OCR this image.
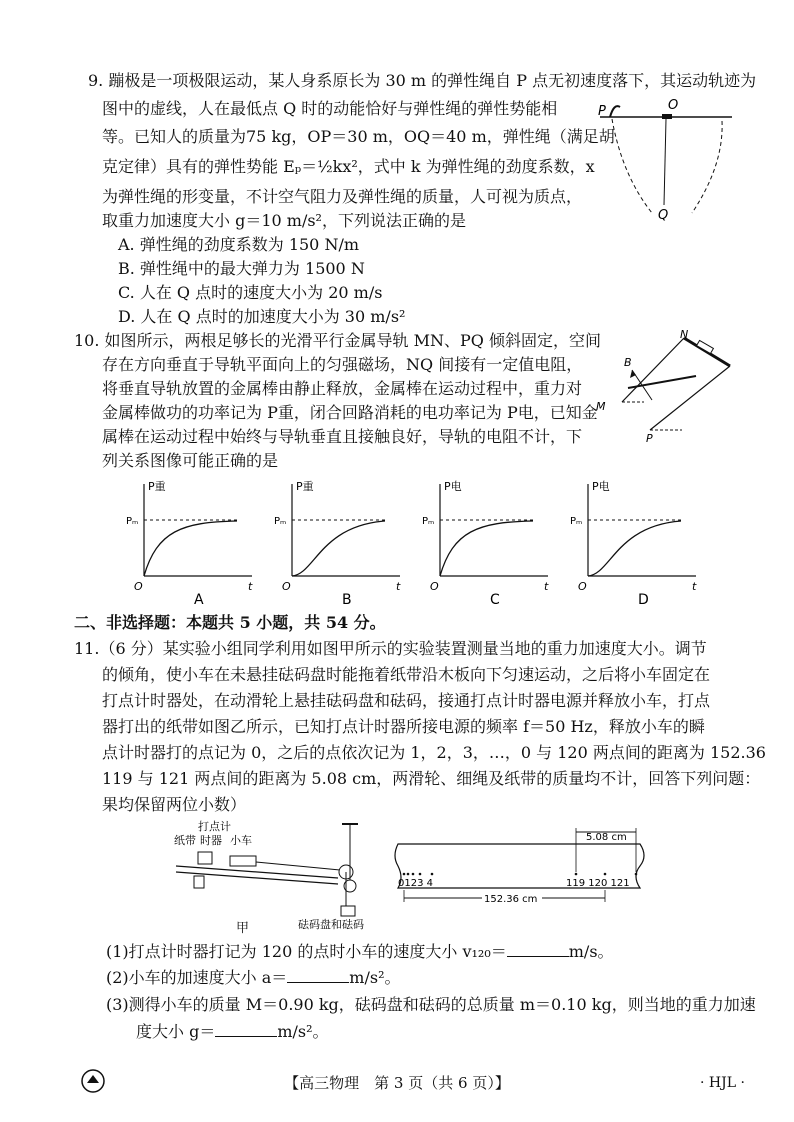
9. 蹦极是一项极限运动，某人身系原长为 30 m 的弹性绳自 P 点无初速度落下，其运动轨迹为
图中的虚线，人在最低点 Q 时的动能恰好与弹性绳的弹性势能相
等。已知人的质量为75 kg，OP＝30 m，OQ＝40 m，弹性绳（满足胡
克定律）具有的弹性势能 Eₚ＝½kx²，式中 k 为弹性绳的劲度系数，x
为弹性绳的形变量，不计空气阻力及弹性绳的质量，人可视为质点，
取重力加速度大小 g＝10 m/s²，下列说法正确的是
A. 弹性绳的劲度系数为 150 N/m
B. 弹性绳中的最大弹力为 1500 N
C. 人在 Q 点时的速度大小为 20 m/s
D. 人在 Q 点时的加速度大小为 30 m/s²
P	O
Q
10. 如图所示，两根足够长的光滑平行金属导轨 MN、PQ 倾斜固定，空间
存在方向垂直于导轨平面向上的匀强磁场，NQ 间接有一定值电阻，
将垂直导轨放置的金属棒由静止释放，金属棒在运动过程中，重力对
金属棒做功的功率记为 P重，闭合回路消耗的电功率记为 P电，已知金
属棒在运动过程中始终与导轨垂直且接触良好，导轨的电阻不计，下
列关系图像可能正确的是
N
B
M
P
P重
Pₘ
O	t
A
P重
Pₘ
O	t
B
P电
Pₘ
O	t
C
P电
Pₘ
O	t
D
二、非选择题：本题共 5 小题，共 54 分。
11.（6 分）某实验小组同学利用如图甲所示的实验装置测量当地的重力加速度大小。调节
的倾角，使小车在未悬挂砝码盘时能拖着纸带沿木板向下匀速运动，之后将小车固定在
打点计时器处，在动滑轮上悬挂砝码盘和砝码，接通打点计时器电源并释放小车，打点
器打出的纸带如图乙所示，已知打点计时器所接电源的频率 f＝50 Hz，释放小车的瞬
点计时器打的点记为 0，之后的点依次记为 1，2，3，…，0 与 120 两点间的距离为 152.36
119 与 121 两点间的距离为 5.08 cm，两滑轮、细绳及纸带的质量均不计，回答下列问题：
果均保留两位小数）
打点计
纸带 时器 小车
砝码盘和砝码
甲
5.08 cm
0123 4	119 120 121
152.36 cm
(1)打点计时器打记为 120 的点时小车的速度大小 v₁₂₀＝	m/s。
(2)小车的加速度大小 a＝	m/s²。
(3)测得小车的质量 M＝0.90 kg，砝码盘和砝码的总质量 m＝0.10 kg，则当地的重力加速
度大小 g＝	m/s²。
【高三物理　第 3 页（共 6 页）】	· HJL ·
